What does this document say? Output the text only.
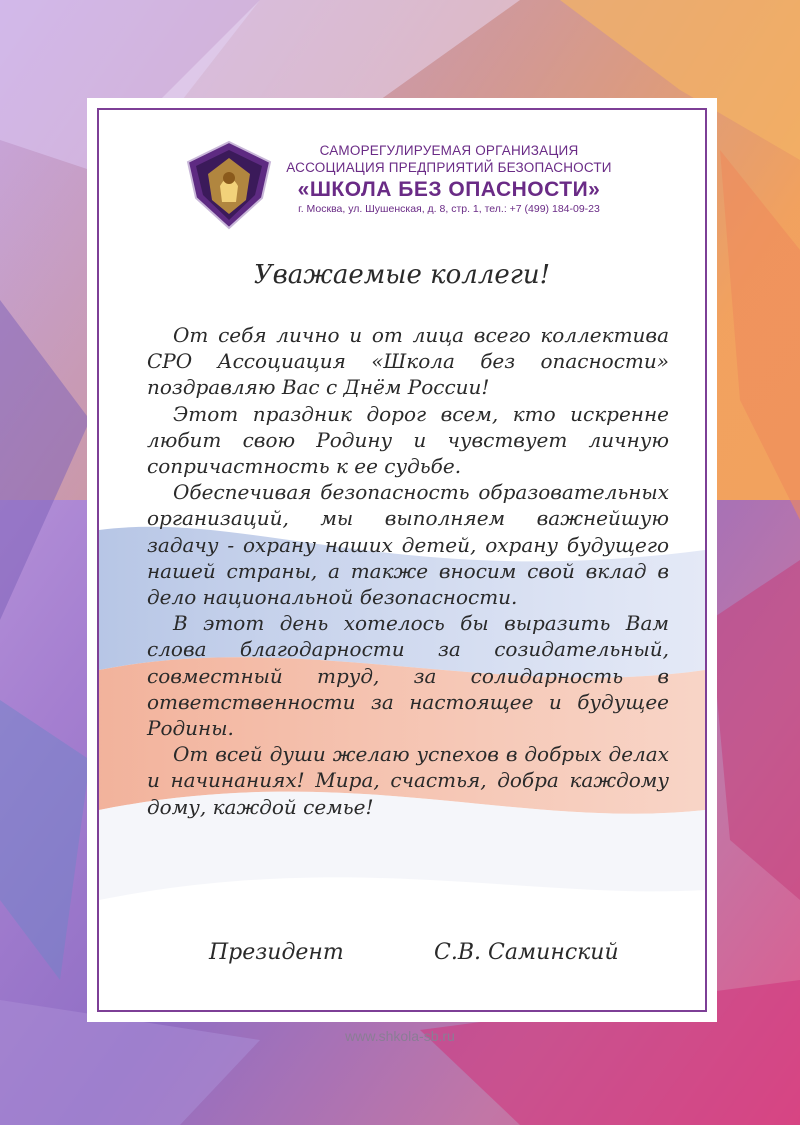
САМОРЕГУЛИРУЕМАЯ ОРГАНИЗАЦИЯ
АССОЦИАЦИЯ ПРЕДПРИЯТИЙ БЕЗОПАСНОСТИ
«ШКОЛА БЕЗ ОПАСНОСТИ»
г. Москва, ул. Шушенская, д. 8, стр. 1, тел.: +7 (499) 184-09-23
Уважаемые коллеги!

От себя лично и от лица всего коллектива СРО Ассоциация «Школа без опасности» поздравляю Вас с Днём России!

Этот праздник дорог всем, кто искренне любит свою Родину и чувствует личную сопричастность к ее судьбе.

Обеспечивая безопасность образовательных организаций, мы выполняем важнейшую задачу - охрану наших детей, охрану будущего нашей страны, а также вносим свой вклад в дело национальной безопасности.

В этот день хотелось бы выразить Вам слова благодарности за созидательный, совместный труд, за солидарность в ответственности за настоящее и будущее Родины.

От всей души желаю успехов в добрых делах и начинаниях! Мира, счастья, добра каждому дому, каждой семье!

Президент	С.В. Саминский
www.shkola-sb.ru
